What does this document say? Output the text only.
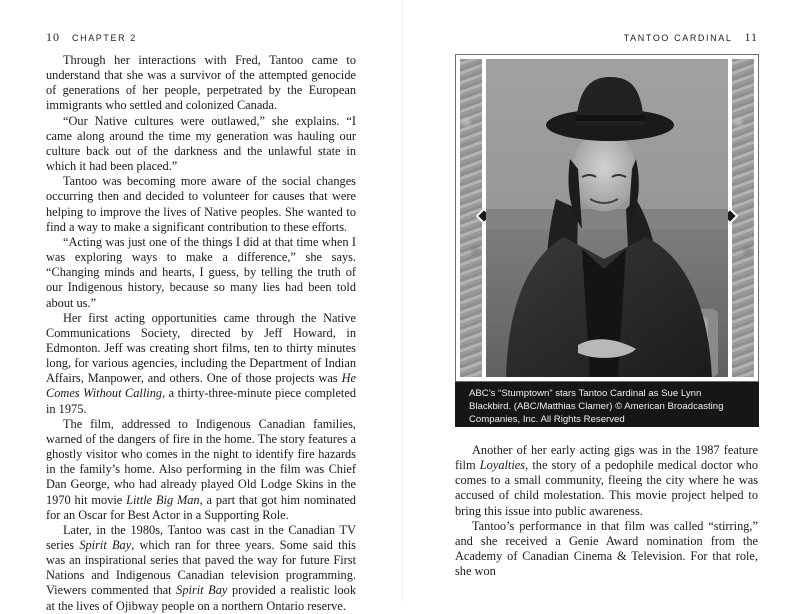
10 CHAPTER 2

Through her interactions with Fred, Tantoo came to understand that she was a survivor of the attempted genocide of generations of her people, perpetrated by the European immigrants who settled and colonized Canada.

“Our Native cultures were outlawed,” she explains. “I came along around the time my generation was hauling our culture back out of the darkness and the unlawful state in which it had been placed.”

Tantoo was becoming more aware of the social changes occurring then and decided to volunteer for causes that were helping to improve the lives of Native peoples. She wanted to find a way to make a significant contribution to these efforts.

“Acting was just one of the things I did at that time when I was exploring ways to make a difference,” she says. “Changing minds and hearts, I guess, by telling the truth of our Indigenous history, because so many lies had been told about us.”

Her first acting opportunities came through the Native Communications Society, directed by Jeff Howard, in Edmonton. Jeff was creating short films, ten to thirty minutes long, for various agencies, including the Department of Indian Affairs, Manpower, and others. One of those projects was He Comes Without Calling, a thirty-three-minute piece completed in 1975.

The film, addressed to Indigenous Canadian families, warned of the dangers of fire in the home. The story features a ghostly visitor who comes in the night to identify fire hazards in the family’s home. Also performing in the film was Chief Dan George, who had already played Old Lodge Skins in the 1970 hit movie Little Big Man, a part that got him nominated for an Oscar for Best Actor in a Supporting Role.

Later, in the 1980s, Tantoo was cast in the Canadian TV series Spirit Bay, which ran for three years. Some said this was an inspirational series that paved the way for future First Nations and Indigenous Canadian television programming. Viewers commented that Spirit Bay provided a realistic look at the lives of Ojibway people on a northern Ontario reserve.

TANTOO CARDINAL 11
ABC’s “Stumptown” stars Tantoo Cardinal as Sue Lynn Blackbird. (ABC/Matthias Clamer) © American Broadcasting Companies, Inc. All Rights Reserved

Another of her early acting gigs was in the 1987 feature film Loyalties, the story of a pedophile medical doctor who comes to a small community, fleeing the city where he was accused of child molestation. This movie project helped to bring this issue into public awareness.

Tantoo’s performance in that film was called “stirring,” and she received a Genie Award nomination from the Academy of Canadian Cinema & Television. For that role, she won
